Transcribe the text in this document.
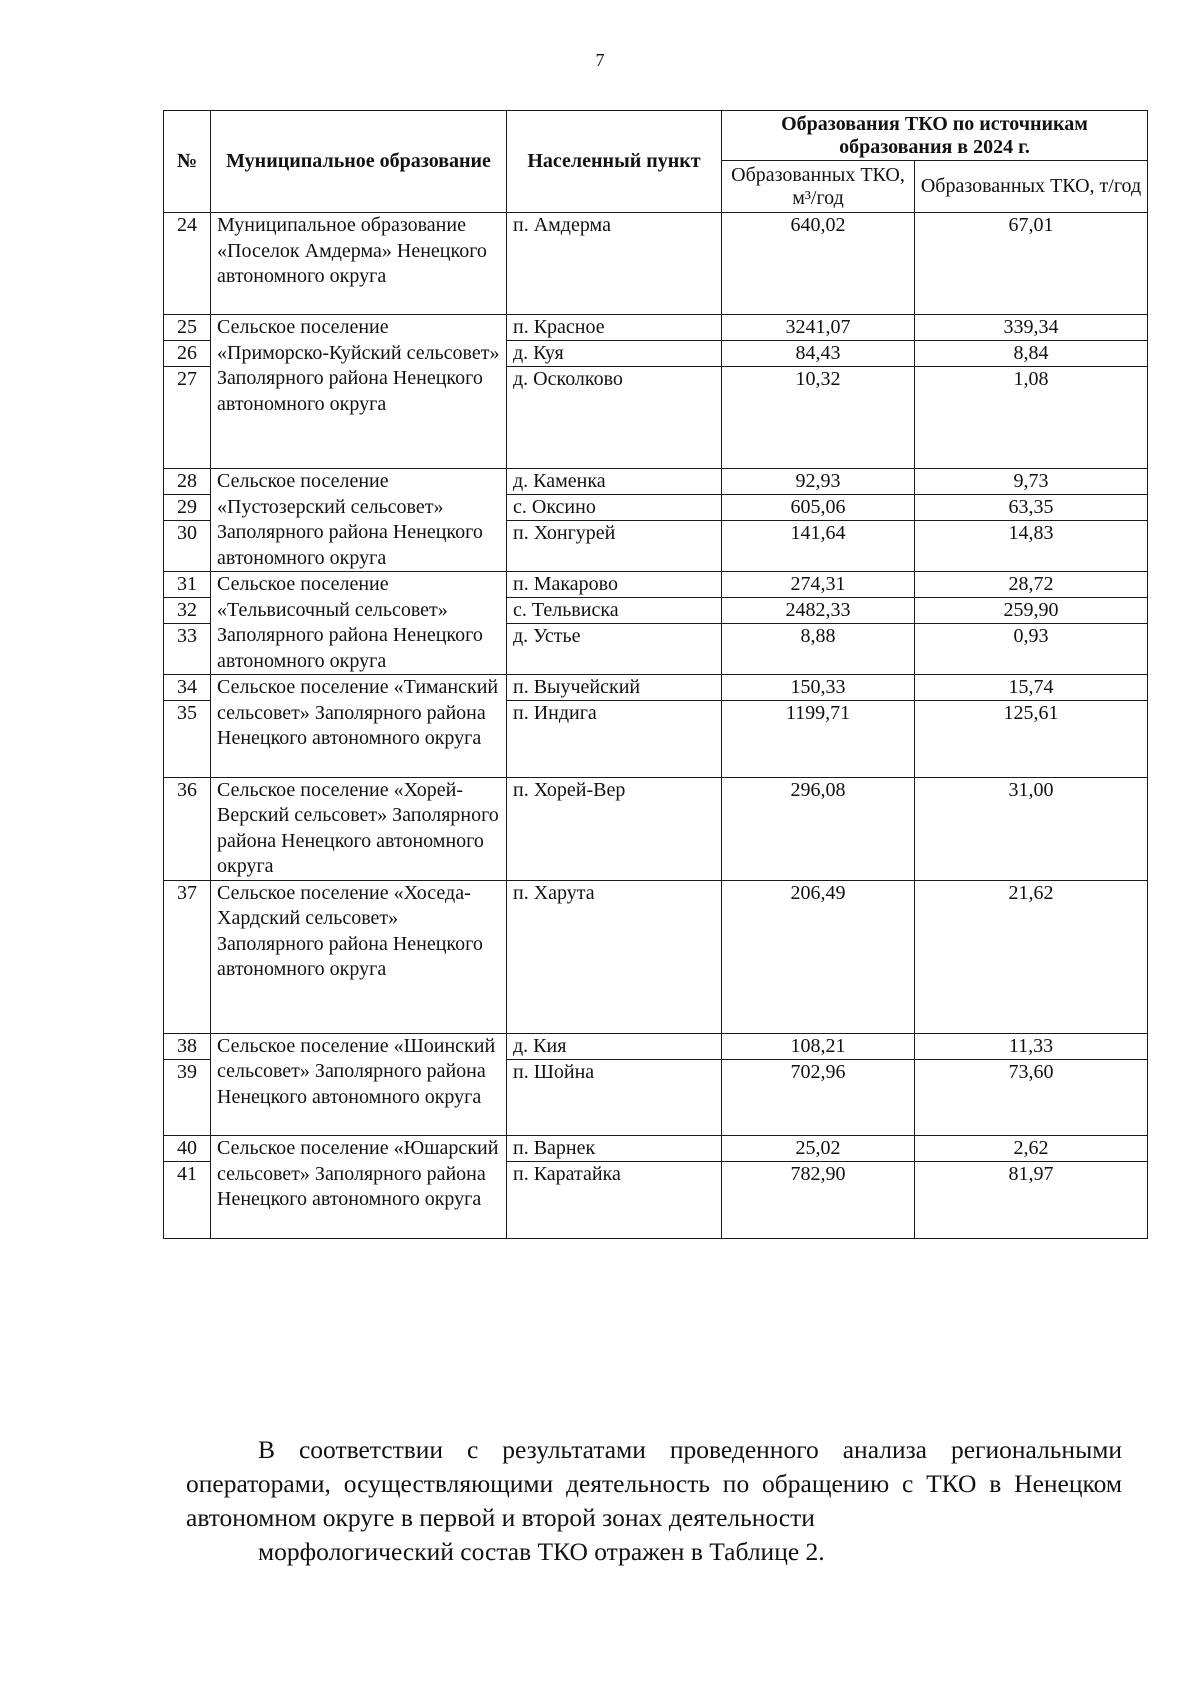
7
№	Муниципальное образование	Населенный пункт	Образования ТКО по источникам образования в 2024 г.	
			Образованных ТКО, м³/год	Образованных ТКО, т/год
24	Муниципальное образование «Поселок Амдерма» Ненецкого автономного округа	п. Амдерма	640,02	67,01
25	Сельское поселение «Приморско-Куйский сельсовет» Заполярного района Ненецкого автономного округа	п. Красное	3241,07	339,34
26		д. Куя	84,43	8,84
27		д. Осколково	10,32	1,08
28	Сельское поселение «Пустозерский сельсовет» Заполярного района Ненецкого автономного округа	д. Каменка	92,93	9,73
29		с. Оксино	605,06	63,35
30		п. Хонгурей	141,64	14,83
31	Сельское поселение «Тельвисочный сельсовет» Заполярного района Ненецкого автономного округа	п. Макарово	274,31	28,72
32		с. Тельвиска	2482,33	259,90
33		д. Устье	8,88	0,93
34	Сельское поселение «Тиманский сельсовет» Заполярного района Ненецкого автономного округа	п. Выучейский	150,33	15,74
35		п. Индига	1199,71	125,61
36	Сельское поселение «Хорей-Верский сельсовет» Заполярного района Ненецкого автономного округа	п. Хорей-Вер	296,08	31,00
37	Сельское поселение «Хоседа-Хардский сельсовет» Заполярного района Ненецкого автономного округа	п. Харута	206,49	21,62
38	Сельское поселение «Шоинский сельсовет» Заполярного района Ненецкого автономного округа	д. Кия	108,21	11,33
39		п. Шойна	702,96	73,60
40	Сельское поселение «Юшарский сельсовет» Заполярного района Ненецкого автономного округа	п. Варнек	25,02	2,62
41		п. Каратайка	782,90	81,97
В соответствии с результатами проведенного анализа региональными операторами, осуществляющими деятельность по обращению с ТКО в Ненецком автономном округе в первой и второй зонах деятельности
морфологический состав ТКО отражен в Таблице 2.
